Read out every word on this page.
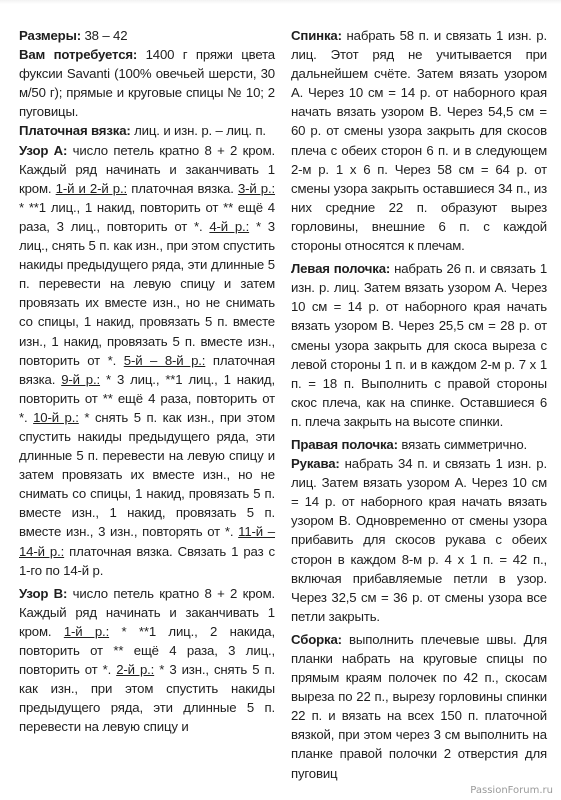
Размеры: 38 – 42

Вам потребуется: 1400 г пряжи цвета фуксии Savanti (100% овечьей шерсти, 30 м/50 г); прямые и круговые спицы № 10; 2 пуговицы.

Платочная вязка: лиц. и изн. р. – лиц. п.

Узор А: число петель кратно 8 + 2 кром. Каждый ряд начинать и заканчивать 1 кром. 1-й и 2-й р.: платочная вязка. 3-й р.: * **1 лиц., 1 накид, повторить от ** ещё 4 раза, 3 лиц., повторить от *. 4-й р.: * 3 лиц., снять 5 п. как изн., при этом спустить накиды предыдущего ряда, эти длинные 5 п. перевести на левую спицу и затем провязать их вместе изн., но не снимать со спицы, 1 накид, провязать 5 п. вместе изн., 1 накид, провязать 5 п. вместе изн., повторить от *. 5-й – 8-й р.: платочная вязка. 9-й р.: * 3 лиц., **1 лиц., 1 накид, повторить от ** ещё 4 раза, повторить от *. 10-й р.: * снять 5 п. как изн., при этом спустить накиды предыдущего ряда, эти длинные 5 п. перевести на левую спицу и затем провязать их вместе изн., но не снимать со спицы, 1 накид, провязать 5 п. вместе изн., 1 накид, провязать 5 п. вместе изн., 3 изн., повторять от *. 11-й – 14-й р.: платочная вязка. Связать 1 раз с 1-го по 14-й р.

Узор В: число петель кратно 8 + 2 кром. Каждый ряд начинать и заканчивать 1 кром. 1-й р.: * **1 лиц., 2 накида, повторить от ** ещё 4 раза, 3 лиц., повторить от *. 2-й р.: * 3 изн., снять 5 п. как изн., при этом спустить накиды предыдущего ряда, эти длинные 5 п. перевести на левую спицу и

Спинка: набрать 58 п. и связать 1 изн. р. лиц. Этот ряд не учитывается при дальнейшем счёте. Затем вязать узором А. Через 10 см = 14 р. от наборного края начать вязать узором В. Через 54,5 см = 60 р. от смены узора закрыть для скосов плеча с обеих сторон 6 п. и в следующем 2-м р. 1 х 6 п. Через 58 см = 64 р. от смены узора закрыть оставшиеся 34 п., из них средние 22 п. образуют вырез горловины, внешние 6 п. с каждой стороны относятся к плечам.

Левая полочка: набрать 26 п. и связать 1 изн. р. лиц. Затем вязать узором А. Через 10 см = 14 р. от наборного края начать вязать узором В. Через 25,5 см = 28 р. от смены узора закрыть для скоса выреза с левой стороны 1 п. и в каждом 2-м р. 7 х 1 п. = 18 п. Выполнить с правой стороны скос плеча, как на спинке. Оставшиеся 6 п. плеча закрыть на высоте спинки.

Правая полочка: вязать симметрично.

Рукава: набрать 34 п. и связать 1 изн. р. лиц. Затем вязать узором А. Через 10 см = 14 р. от наборного края начать вязать узором В. Одновременно от смены узора прибавить для скосов рукава с обеих сторон в каждом 8-м р. 4 х 1 п. = 42 п., включая прибавляемые петли в узор. Через 32,5 см = 36 р. от смены узора все петли закрыть.

Сборка: выполнить плечевые швы. Для планки набрать на круговые спицы по прямым краям полочек по 42 п., скосам выреза по 22 п., вырезу горловины спинки 22 п. и вязать на всех 150 п. платочной вязкой, при этом через 3 см выполнить на планке правой полочки 2 отверстия для пуговиц

PassionForum.ru
